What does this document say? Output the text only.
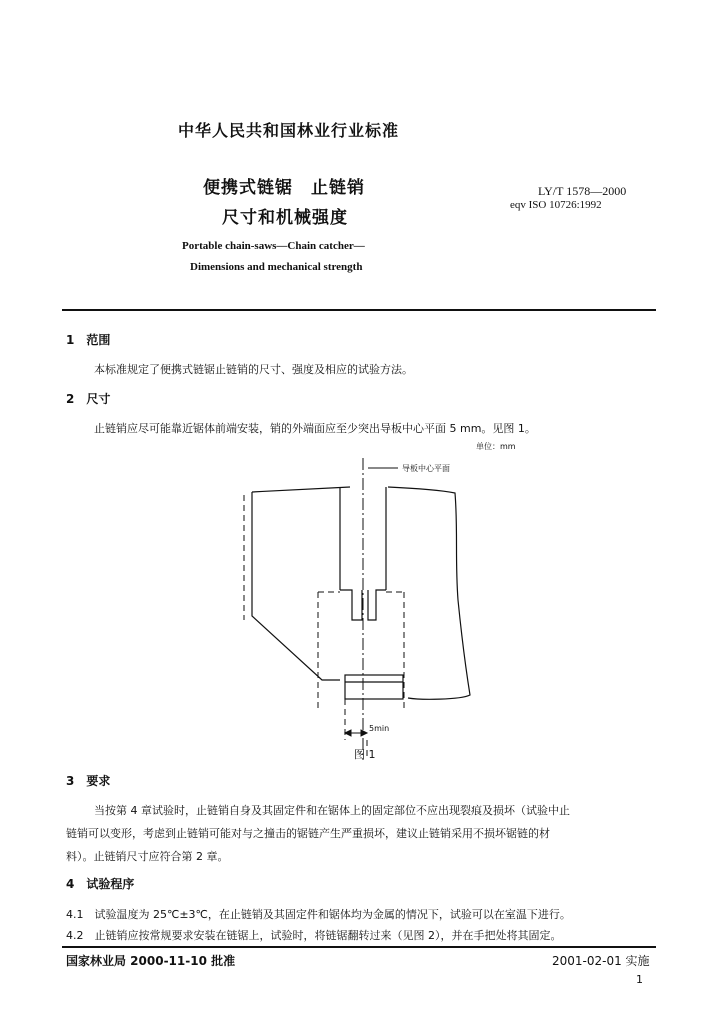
中华人民共和国林业行业标准
便携式链锯　止链销
尺寸和机械强度
LY/T 1578—2000
eqv ISO 10726:1992
Portable chain-saws—Chain catcher—
Dimensions and mechanical strength
1　范围
本标准规定了便携式链锯止链销的尺寸、强度及相应的试验方法。
2　尺寸
止链销应尽可能靠近锯体前端安装，销的外端面应至少突出导板中心平面 5 mm。见图 1。
单位：mm
导板中心平面
5min
图 1
3　要求
当按第 4 章试验时，止链销自身及其固定件和在锯体上的固定部位不应出现裂痕及损坏（试验中止
链销可以变形，考虑到止链销可能对与之撞击的锯链产生严重损坏，建议止链销采用不损坏锯链的材
料）。止链销尺寸应符合第 2 章。
4　试验程序
4.1　试验温度为 25℃±3℃，在止链销及其固定件和锯体均为金属的情况下，试验可以在室温下进行。
4.2　止链销应按常规要求安装在链锯上，试验时，将链锯翻转过来（见图 2），并在手把处将其固定。
国家林业局 2000-11-10 批准	2001-02-01 实施
1
